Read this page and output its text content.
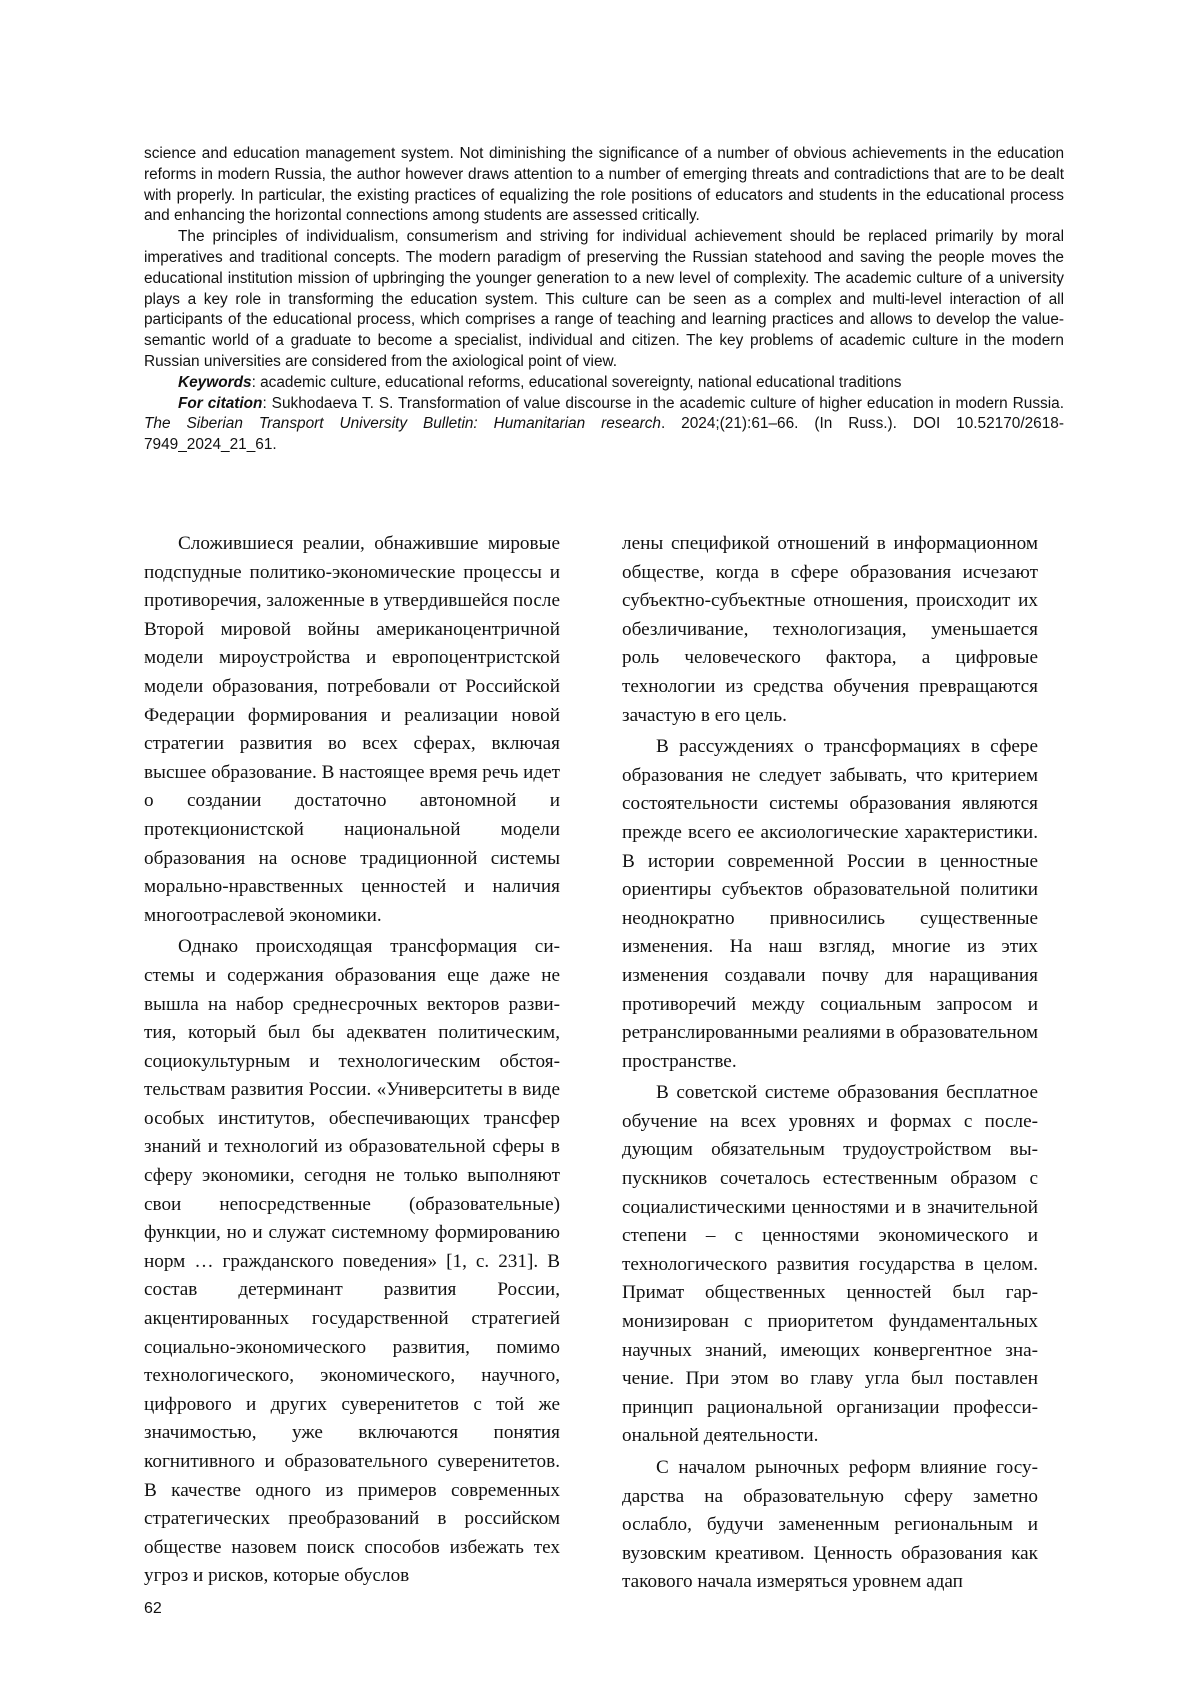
science and education management system. Not diminishing the significance of a number of obvious achievements in the education reforms in modern Russia, the author however draws attention to a number of emerging threats and contradictions that are to be dealt with properly. In particular, the existing practices of equalizing the role positions of educators and students in the educational process and enhancing the horizontal connections among students are assessed critically.

The principles of individualism, consumerism and striving for individual achievement should be replaced primarily by moral imperatives and traditional concepts. The modern paradigm of preserving the Russian statehood and saving the people moves the educational institution mission of upbringing the younger generation to a new level of complexity. The academic culture of a university plays a key role in transforming the education system. This culture can be seen as a complex and multi-level interaction of all participants of the educational process, which comprises a range of teaching and learning practices and allows to develop the value-semantic world of a graduate to become a specialist, individual and citizen. The key problems of academic culture in the modern Russian universities are considered from the axiological point of view.

Keywords: academic culture, educational reforms, educational sovereignty, national educational traditions

For citation: Sukhodaeva T. S. Transformation of value discourse in the academic culture of higher education in modern Russia. The Siberian Transport University Bulletin: Humanitarian research. 2024;(21):61–66. (In Russ.). DOI 10.52170/2618-7949_2024_21_61.

Сложившиеся реалии, обнажившие мировые подспудные политико-экономические процессы и противоречия, заложенные в утвердившейся после Второй мировой войны американоцентричной модели мироустройства и европоцентристской модели образования, потребовали от Российской Федерации формирования и реализации новой стратегии развития во всех сферах, включая высшее образование. В настоящее время речь идет о создании достаточно автономной и протекционистской национальной модели образования на основе традиционной системы морально-нравственных ценностей и наличия многоотраслевой экономики.

Однако происходящая трансформация системы и содержания образования еще даже не вышла на набор среднесрочных векторов развития, который был бы адекватен политическим, социокультурным и технологическим обстоятельствам развития России. «Университеты в виде особых институтов, обеспечивающих трансфер знаний и технологий из образовательной сферы в сферу экономики, сегодня не только выполняют свои непосредственные (образовательные) функции, но и служат системному формированию норм … гражданского поведения» [1, с. 231]. В состав детерминант развития России, акцентированных государственной стратегией социально-экономического развития, помимо технологического, экономического, научного, цифрового и других суверенитетов с той же значимостью, уже включаются понятия когнитивного и образовательного суверенитетов. В качестве одного из примеров современных стратегических преобразований в российском обществе назовем поиск способов избежать тех угроз и рисков, которые обуслов

лены спецификой отношений в информационном обществе, когда в сфере образования исчезают субъектно-субъектные отношения, происходит их обезличивание, технологизация, уменьшается роль человеческого фактора, а цифровые технологии из средства обучения превращаются зачастую в его цель.

В рассуждениях о трансформациях в сфере образования не следует забывать, что критерием состоятельности системы образования являются прежде всего ее аксиологические характеристики. В истории современной России в ценностные ориентиры субъектов образовательной политики неоднократно привносились существенные изменения. На наш взгляд, многие из этих изменения создавали почву для наращивания противоречий между социальным запросом и ретранслированными реалиями в образовательном пространстве.

В советской системе образования бесплатное обучение на всех уровнях и формах с последующим обязательным трудоустройством выпускников сочеталось естественным образом с социалистическими ценностями и в значительной степени – с ценностями экономического и технологического развития государства в целом. Примат общественных ценностей был гармонизирован с приоритетом фундаментальных научных знаний, имеющих конвергентное значение. При этом во главу угла был поставлен принцип рациональной организации профессиональной деятельности.

С началом рыночных реформ влияние государства на образовательную сферу заметно ослабло, будучи замененным региональным и вузовским креативом. Ценность образования как такового начала измеряться уровнем адап

62
